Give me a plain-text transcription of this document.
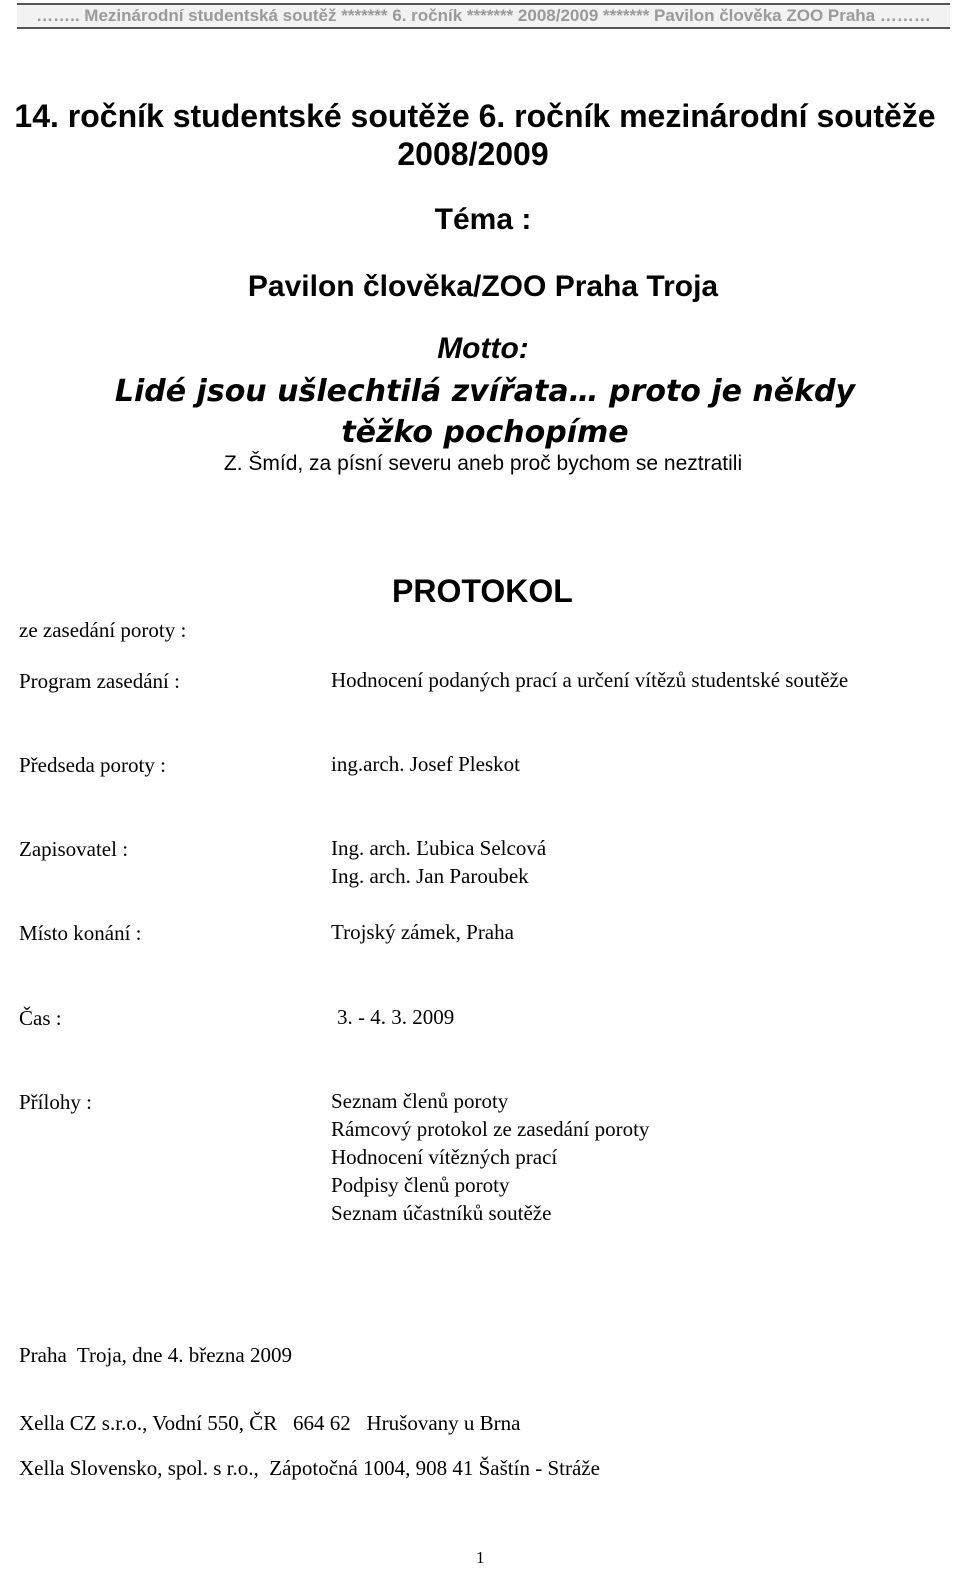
…….. Mezinárodní studentská soutěž ******* 6. ročník ******* 2008/2009 ******* Pavilon člověka ZOO Praha ………
14. ročník studentské soutěže 6. ročník mezinárodní soutěže
2008/2009
Téma :
Pavilon člověka/ZOO Praha Troja
Motto:
Lidé jsou ušlechtilá zvířata… proto je někdy těžko pochopíme
Z. Šmíd, za písní severu aneb proč bychom se neztratili
PROTOKOL
ze zasedání poroty :
Program zasedání :	Hodnocení podaných prací a určení vítězů studentské soutěže
Předseda poroty :	ing.arch. Josef Pleskot
Zapisovatel :	Ing. arch. Ľubica Selcová
Ing. arch. Jan Paroubek
Místo konání :	Trojský zámek, Praha
Čas :	3. - 4. 3. 2009
Přílohy :	Seznam členů poroty
Rámcový protokol ze zasedání poroty
Hodnocení vítězných prací
Podpisy členů poroty
Seznam účastníků soutěže
Praha  Troja, dne 4. března 2009
Xella CZ s.r.o., Vodní 550, ČR   664 62   Hrušovany u Brna
Xella Slovensko, spol. s r.o.,  Zápotočná 1004, 908 41 Šaštín - Stráže
1
